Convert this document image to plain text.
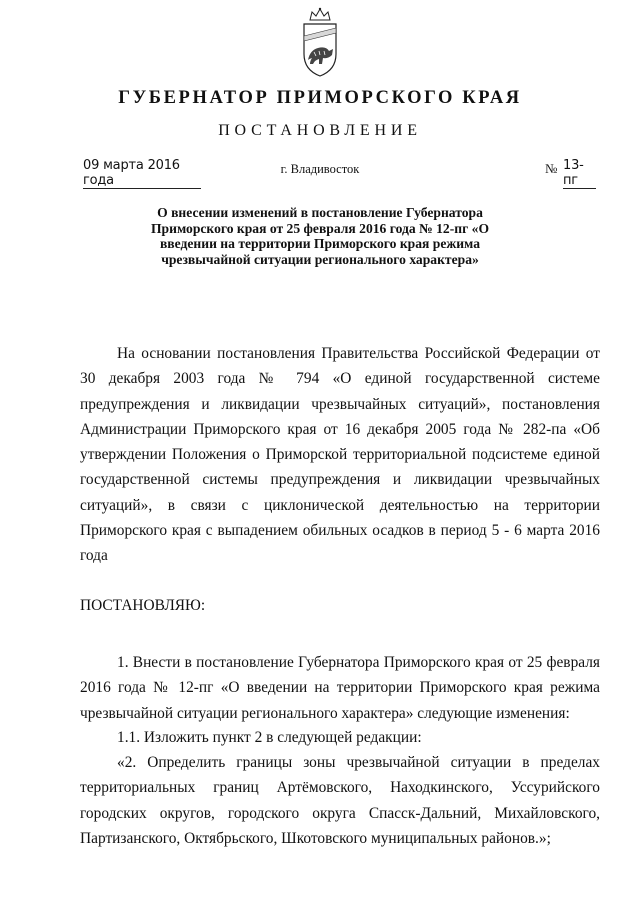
ГУБЕРНАТОР ПРИМОРСКОГО КРАЯ
ПОСТАНОВЛЕНИЕ
09 марта 2016 года
г. Владивосток	№ 13-пг
О внесении изменений в постановление Губернатора Приморского края от 25 февраля 2016 года № 12-пг «О введении на территории Приморского края режима чрезвычайной ситуации регионального характера»
На основании постановления Правительства Российской Федерации от 30 декабря 2003 года № 794 «О единой государственной системе предупреждения и ликвидации чрезвычайных ситуаций», постановления Администрации Приморского края от 16 декабря 2005 года № 282-па «Об утверждении Положения о Приморской территориальной подсистеме единой государственной системы предупреждения и ликвидации чрезвычайных ситуаций», в связи с циклонической деятельностью на территории Приморского края с выпадением обильных осадков в период 5 - 6 марта 2016 года
ПОСТАНОВЛЯЮ:
1. Внести в постановление Губернатора Приморского края от 25 февраля 2016 года № 12-пг «О введении на территории Приморского края режима чрезвычайной ситуации регионального характера» следующие изменения:
1.1. Изложить пункт 2 в следующей редакции:
«2. Определить границы зоны чрезвычайной ситуации в пределах территориальных границ Артёмовского, Находкинского, Уссурийского городских округов, городского округа Спасск-Дальний, Михайловского, Партизанского, Октябрьского, Шкотовского муниципальных районов.»;
